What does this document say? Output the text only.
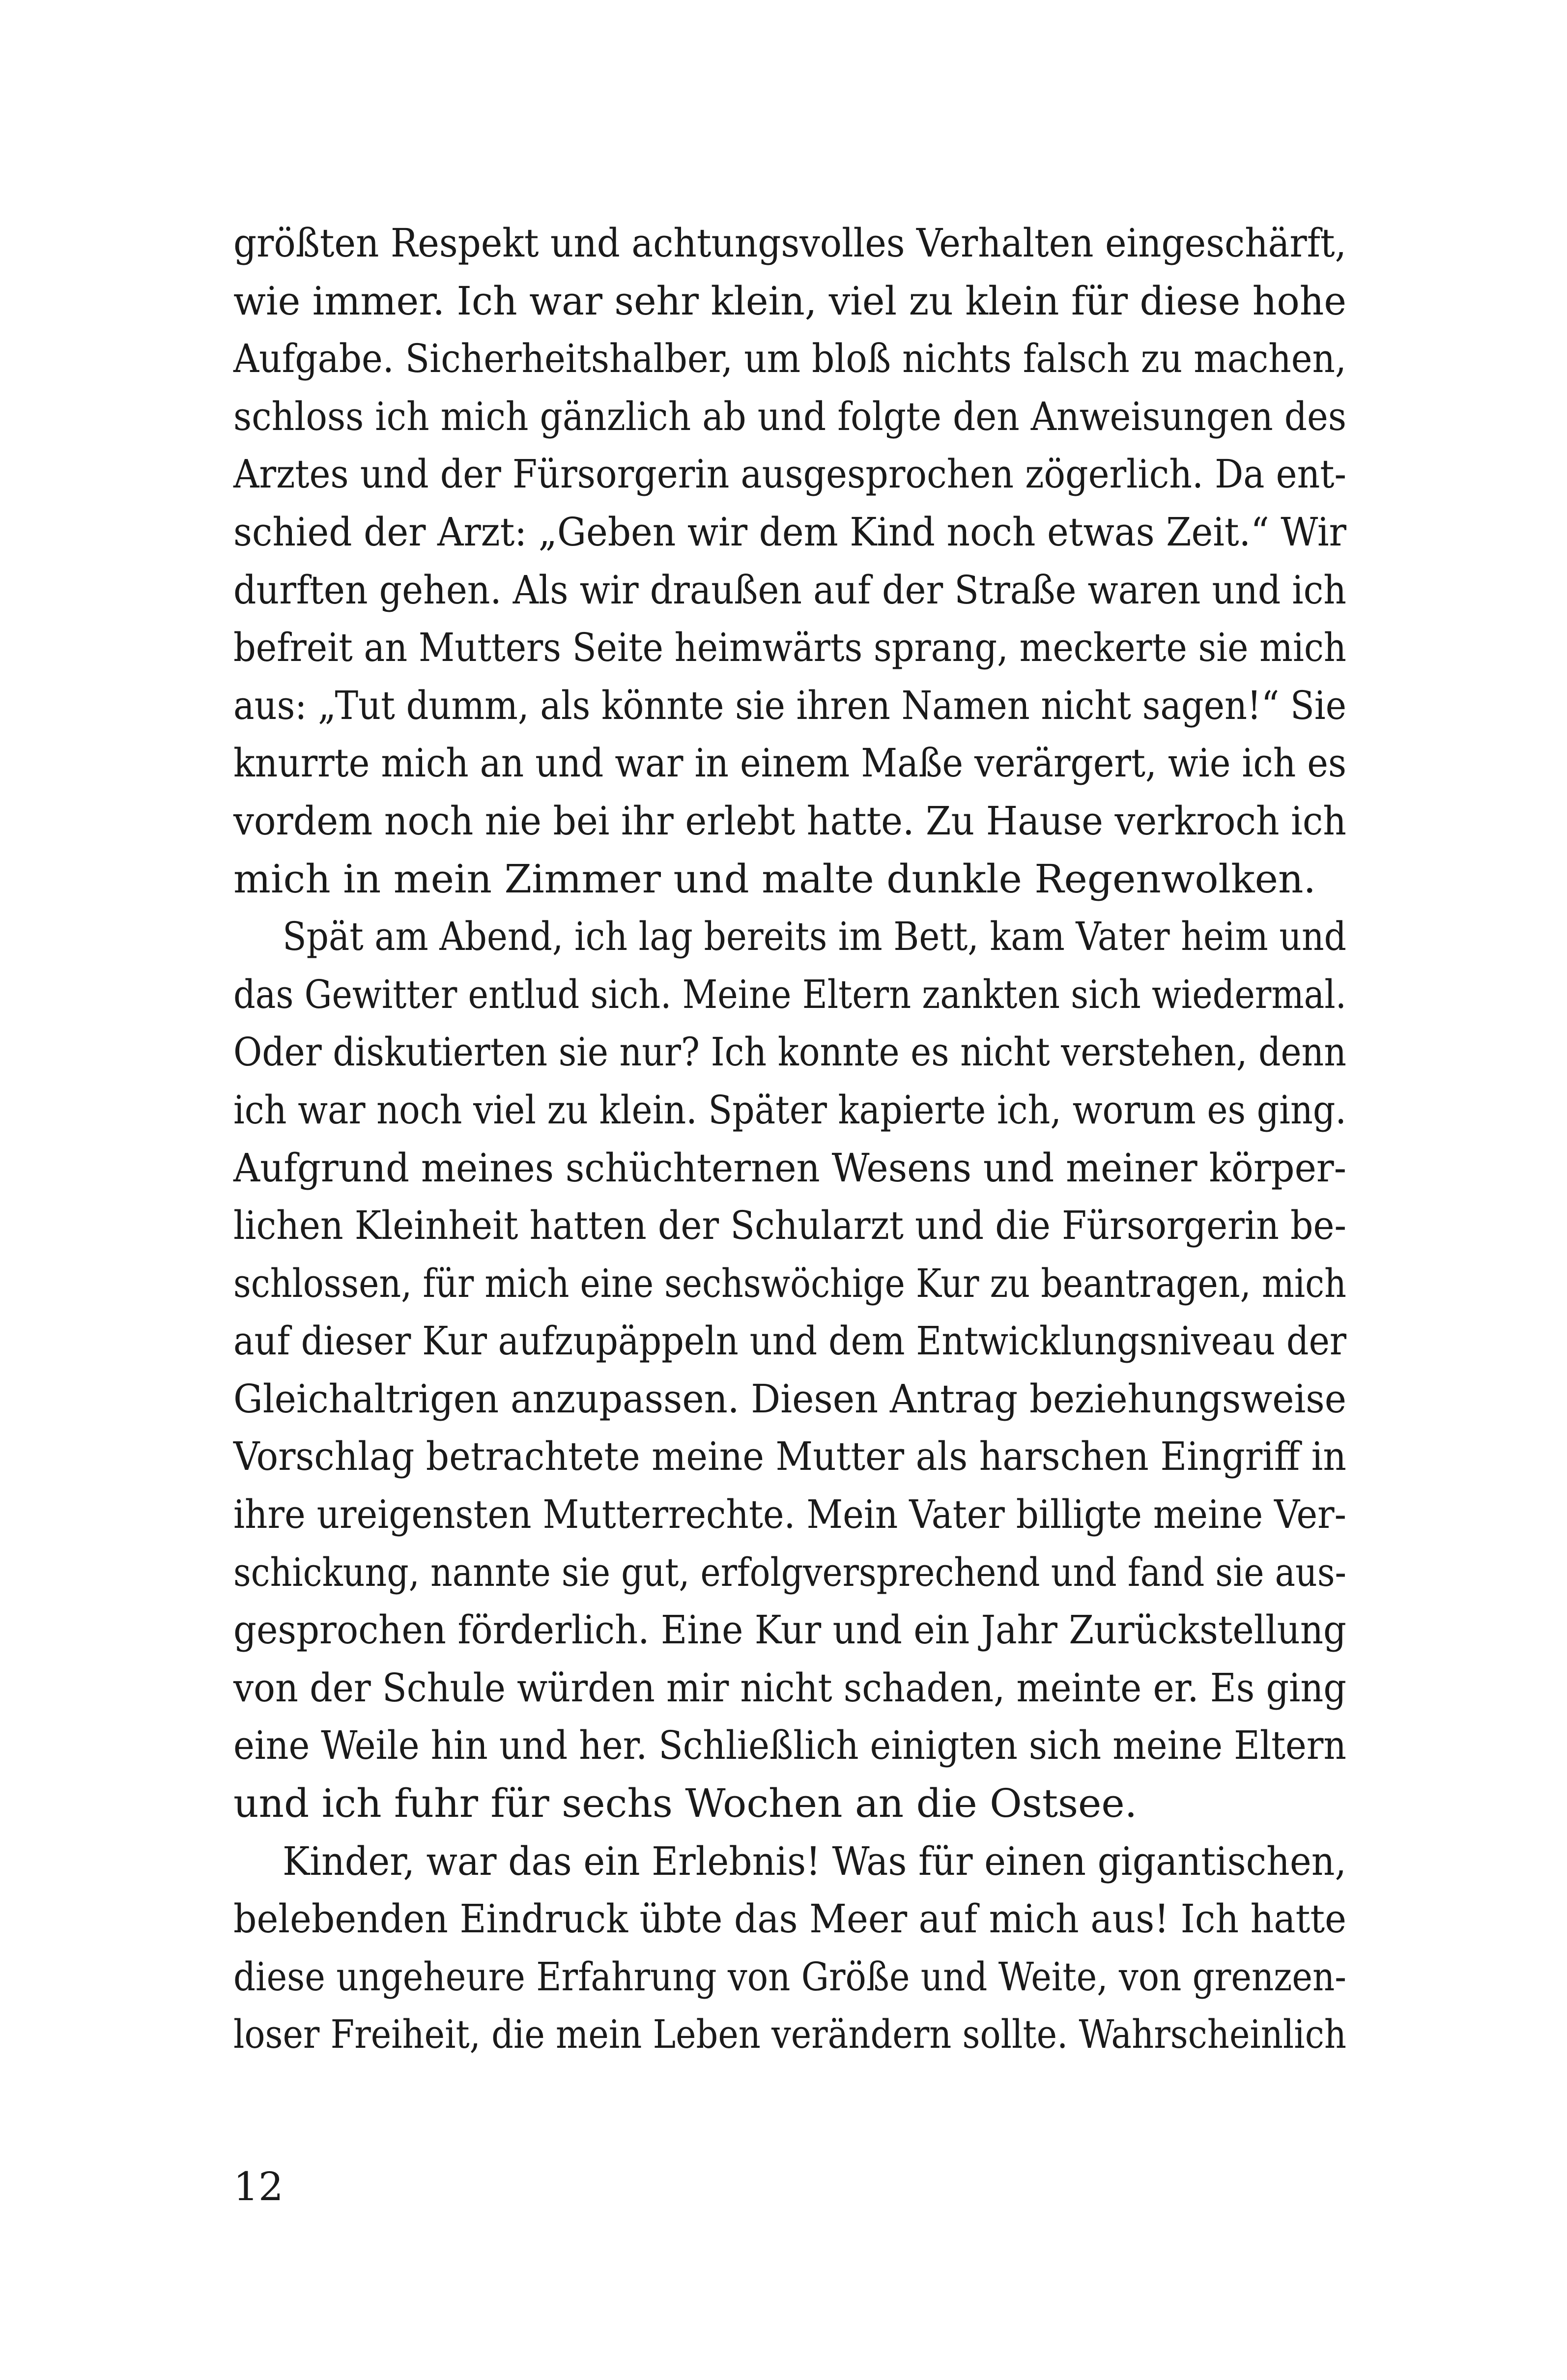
größten Respekt und achtungsvolles Verhalten eingeschärft,
wie immer. Ich war sehr klein, viel zu klein für diese hohe
Aufgabe. Sicherheitshalber, um bloß nichts falsch zu machen,
schloss ich mich gänzlich ab und folgte den Anweisungen des
Arztes und der Fürsorgerin ausgesprochen zögerlich. Da ent-
schied der Arzt: „Geben wir dem Kind noch etwas Zeit.“ Wir
durften gehen. Als wir draußen auf der Straße waren und ich
befreit an Mutters Seite heimwärts sprang, meckerte sie mich
aus: „Tut dumm, als könnte sie ihren Namen nicht sagen!“ Sie
knurrte mich an und war in einem Maße verärgert, wie ich es
vordem noch nie bei ihr erlebt hatte. Zu Hause verkroch ich
mich in mein Zimmer und malte dunkle Regenwolken.
Spät am Abend, ich lag bereits im Bett, kam Vater heim und
das Gewitter entlud sich. Meine Eltern zankten sich wiedermal.
Oder diskutierten sie nur? Ich konnte es nicht verstehen, denn
ich war noch viel zu klein. Später kapierte ich, worum es ging.
Aufgrund meines schüchternen Wesens und meiner körper-
lichen Kleinheit hatten der Schularzt und die Fürsorgerin be-
schlossen, für mich eine sechswöchige Kur zu beantragen, mich
auf dieser Kur aufzupäppeln und dem Entwicklungsniveau der
Gleichaltrigen anzupassen. Diesen Antrag beziehungsweise
Vorschlag betrachtete meine Mutter als harschen Eingriff in
ihre ureigensten Mutterrechte. Mein Vater billigte meine Ver-
schickung, nannte sie gut, erfolgversprechend und fand sie aus-
gesprochen förderlich. Eine Kur und ein Jahr Zurückstellung
von der Schule würden mir nicht schaden, meinte er. Es ging
eine Weile hin und her. Schließlich einigten sich meine Eltern
und ich fuhr für sechs Wochen an die Ostsee.
Kinder, war das ein Erlebnis! Was für einen gigantischen,
belebenden Eindruck übte das Meer auf mich aus! Ich hatte
diese ungeheure Erfahrung von Größe und Weite, von grenzen-
loser Freiheit, die mein Leben verändern sollte. Wahrscheinlich
12
